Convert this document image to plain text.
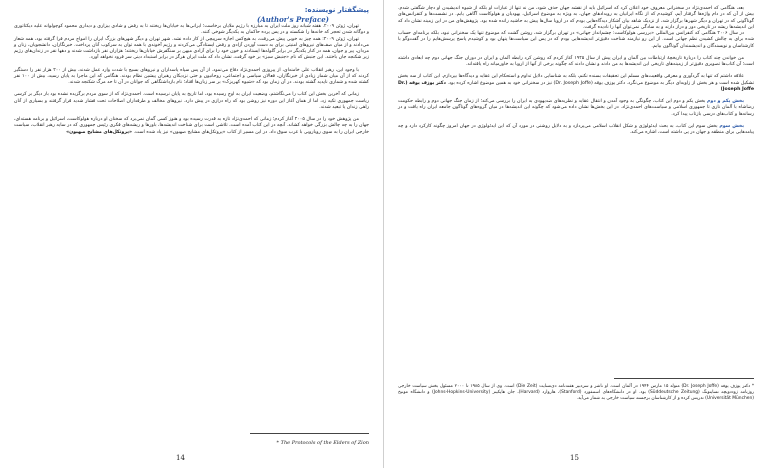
پیشگفتار نویسنده:
(Author's Preface)

تهران، ژوئن ۲۰۰۹. هفته شبانه روز ملت ایران به مبارزه با رژیم ملایان برخاست؛ ایرانی‌ها به خیابان‌ها ریختند تا به رفض و شادی بیزاری و دیداری محمود کوچولوانه علیه دیکتاتوری و دوگانه شدن تحجر که خانه‌ها را شکسته و در پس پرده حاکمان به یکدیگر شوخی کنند.

تهران، ژوئن ۲۰۰۹: همه چیز به خوبی پیش می‌رفت، به هیچ‌کس اجازه سرپیچی از کار داده نشد. شهر تهران و دیگر شهرهای بزرگ ایران را امواج مردم فرا گرفته بود، همه شعار می‌دادند و از میان صف‌های نیروهای امنیتی برای به دست آوردن آزادی و رفض ایستادگی می‌کردند و رژیم آخوندی با همه توان به سرکوب آنان پرداخت. ‌خبرنگاران، دانشجویان، زنان و مردان، پیر و جوان، همه در کنار یکدیگر در برابر گلوله‌ها ایستادند و خون خود را برای آزادی میهن بر سنگفرش خیابان‌ها ریختند؛ هزاران نفر بازداشت شدند و دهها نفر در زندان‌های رژیم زیر شکنجه جان باختند. این جنبش که نام «جنبش سبز» بر خود گرفت، نشان داد که ملت ایران هرگز در برابر استبداد دینی سر فرود نخواهد آورد.

با وجود این، رهبر انقلاب علی خامنه‌ای، از پیروزی احمدی‌نژاد دفاع می‌نمود. از آن پس سپاه پاسداران و نیروهای بسیج با شدت وارد عمل شدند، بیش از ۲۰۰ هزار نفر را دستگیر کردند که از آن میان شمار زیادی از خبرنگاران، فعالان سیاسی و اجتماعی، روحانیون و حتی نزدیکان رهبران پیشین نظام بودند. هنگامی که این ماجرا به پایان رسید، بیش از ۱۰۰ نفر کشته شده و شماری ناپدید گشته بودند. در آن زمان بود که «شیوه کهریزک» بر سر زبان‌ها افتاد؛ نام بازداشتگاهی که جوانان در آن تا حد مرگ شکنجه شدند.

زمانی که آخرین بخش این کتاب را می‌نگاشتم، وضعیت ایران به اوج رسیده بود، اما تاریخ به پایان نرسیده است. احمدی‌نژاد که از سوی مردم برگزیده نشده بود بار دیگر بر کرسی ریاست جمهوری تکیه زد، اما از همان آغاز این دوره نیز روشن بود که راه درازی در پیش دارد. نیروهای مخالف و طرفداران اصلاحات تحت فشار شدید قرار گرفتند و بسیاری از آنان راهی زندان یا تبعید شدند.

من پژوهش خود را در سال ۲۰۰۵ آغاز کردم؛ زمانی که احمدی‌نژاد تازه به قدرت رسیده بود و هنوز کسی گمان نمی‌برد که سخنان او درباره هولوکاست، اسرائیل و برنامه هسته‌ای، جهان را به چه چالش بزرگی خواهد کشاند. آنچه در این کتاب آمده است، تلاشی است برای شناخت اندیشه‌ها، باورها و ریشه‌های فکری رئیس جمهوری که در سایه رهبر انقلاب، سیاست خارجی ایران را به سوی رویارویی با غرب سوق داد. در این مسیر از کتاب «پروتکل‌های مشایخ صهیون» نیز یاد شده است. «پروتکل‌های مشایخ صهیون»

* The Protocols of the Elders of Zion
14

بعد، هنگامی که احمدی‌نژاد در سخنرانی معروف خود اعلان کرد که اسرائیل باید از نقشه جهان حذف شود، من نه تنها از عبارات او بلکه از شیوه اندیشیدن او دچار شگفتی شدم. بیش از آن که در دام واژه‌ها گرفتار آیم، کوشیدم که از نگاه ایرانیان به رویدادهای جهان، به ویژه به موضوع اسرائیل، یهودیان و هولوکاست آگاهی یابم. در نشست‌ها و کنفرانس‌های گوناگونی که در تهران و دیگر شهرها برگزار شد، از نزدیک شاهد بیان آشکار دیدگاه‌هایی بودم که در اروپا سال‌ها پیش به حاشیه رانده شده بود. پژوهش‌های من در این زمینه نشان داد که این اندیشه‌ها ریشه در تاریخی دور و دراز دارند و به سادگی نمی‌توان آنها را نادیده گرفت.

در سال ۲۰۰۶ هنگامی که کنفرانس بین‌المللی «بررسی هولوکاست: چشم‌انداز جهانی» در تهران برگزار شد، روشن گشت که موضوع تنها یک سخنرانی نبود، بلکه برنامه‌ای حساب شده برای به چالش کشیدن نظم جهانی است. از این رو نیازمند شناخت دقیق‌تر اندیشه‌هایی بودم که در پس این سیاست‌ها پنهان بود و کوشیدم پاسخ پرسش‌هایم را در گفت‌وگو با کارشناسان و نویسندگان و اندیشمندان گوناگون بیابم.

من خواندن چند کتاب را دربارهٔ تاریخچهٔ ارتباطات بین آلمان و ایران پیش از سال ۱۹۴۵ آغاز کردم که روشن کرد رابطه آلمان و ایران در دوران جنگ جهانی دوم چه ابعادی داشته است؛ آن کتاب‌ها تصویری دقیق‌تر از زمینه‌های تاریخی این اندیشه‌ها به من دادند و نشان دادند که چگونه برخی از آنها از اروپا به خاورمیانه راه یافته‌اند.

علاقه داشتم که تنها به گردآوری و معرفی واقعیت‌های مسلم این تحقیقات بسنده نکنم، بلکه به شناسایی دلایل تداوم و استحکام این عقاید و دیدگاه‌ها بپردازم. این کتاب از سه بخش تشکیل شده است و هر بخش از زاویه‌ای دیگر به موضوع می‌نگرد. دکتر یوزف یوفه (Dr. Joseph Joffe) نیز در سخنرانی خود به همین موضوع اشاره کرده بود. دکتر یوزف یوفه (Dr. Joseph Joffe)

بخش یکم و دوم بخش یکم و دوم این کتاب، چگونگی به وجود آمدن و انتقال عقاید و نظریه‌های ضدیهودی به ایران را بررسی می‌کند؛ از زمان جنگ جهانی دوم و رابطه حکومت رضاشاه با آلمان نازی تا جمهوری اسلامی و سیاست‌های احمدی‌نژاد. در این بخش‌ها نشان داده می‌شود که چگونه این اندیشه‌ها در میان گروه‌های گوناگون جامعه ایران راه یافت و در رسانه‌ها و کتاب‌های درسی بازتاب پیدا کرد.

بخش سوم بخش سوم این کتاب، به بحث ایدئولوژی و شکل انقلاب اسلامی می‌پردازد و به دلایل روشنی در مورد آن که این ایدئولوژی در جهان امروز چگونه کارکرد دارد و چه پیامدهایی برای منطقه و جهان در پی داشته است، اشاره می‌کند.

* دکتر یوزف یوفه (Dr. Joseph Joffe) متولد ۱۵ مارس ۱۹۴۴ در آلمان است. او ناشر و سردبیر هفته‌نامه دی‌تسایت (Die Zeit) است. وی از سال ۱۹۸۵ تا ۲۰۰۰ مسئول بخش سیاست خارجی روزنامه زوددویچه تسایتونگ (Süddeutsche Zeitung) بود. او در دانشگاه‌های استنفورد (Stanford)، هاروارد (Harvard)، جان هاپکینز (Johns-Hopkins-University) و دانشگاه مونیخ (Universität München) تدریس کرده و از کارشناسان برجسته سیاست خارجی به شمار می‌آید.
15
